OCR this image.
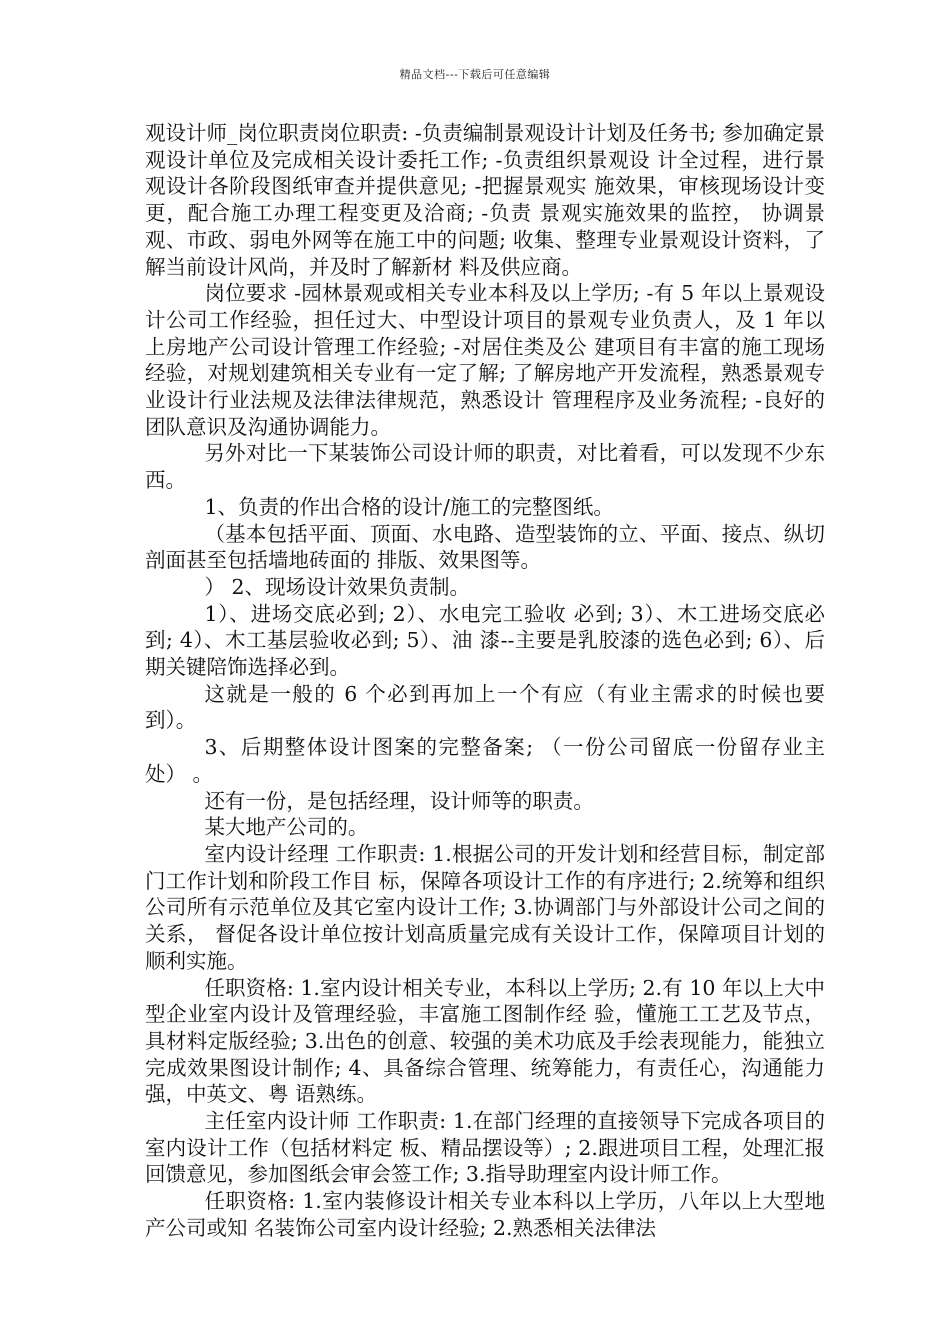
精品文档---下载后可任意编辑

观设计师_岗位职责岗位职责: -负责编制景观设计计划及任务书; 参加确定景观设计单位及完成相关设计委托工作; -负责组织景观设 计全过程，进行景观设计各阶段图纸审查并提供意见; -把握景观实 施效果，审核现场设计变更，配合施工办理工程变更及洽商; -负责 景观实施效果的监控， 协调景观、市政、弱电外网等在施工中的问题; 收集、整理专业景观设计资料，了解当前设计风尚，并及时了解新材 料及供应商。

岗位要求 -园林景观或相关专业本科及以上学历; -有 5 年以上景观设计公司工作经验，担任过大、中型设计项目的景观专业负责人，及 1 年以上房地产公司设计管理工作经验; -对居住类及公 建项目有丰富的施工现场经验，对规划建筑相关专业有一定了解; 了解房地产开发流程，熟悉景观专业设计行业法规及法律法律规范，熟悉设计 管理程序及业务流程; -良好的团队意识及沟通协调能力。

另外对比一下某装饰公司设计师的职责，对比着看，可以发现不少东 西。

1、负责的作出合格的设计/施工的完整图纸。

（基本包括平面、顶面、水电路、造型装饰的立、平面、接点、纵切剖面甚至包括墙地砖面的 排版、效果图等。

） 2、现场设计效果负责制。

1）、进场交底必到; 2）、水电完工验收 必到; 3）、木工进场交底必到; 4）、木工基层验收必到; 5）、油 漆--主要是乳胶漆的选色必到; 6）、后期关键陪饰选择必到。

这就是一般的 6 个必到再加上一个有应（有业主需求的时候也要到）。

3、后期整体设计图案的完整备案; （一份公司留底一份留存业主处） 。

还有一份，是包括经理，设计师等的职责。

某大地产公司的。

室内设计经理 工作职责: 1.根据公司的开发计划和经营目标，制定部门工作计划和阶段工作目 标，保障各项设计工作的有序进行; 2.统筹和组织公司所有示范单位及其它室内设计工作; 3.协调部门与外部设计公司之间的关系， 督促各设计单位按计划高质量完成有关设计工作，保障项目计划的顺利实施。

任职资格: 1.室内设计相关专业，本科以上学历; 2.有 10 年以上大中型企业室内设计及管理经验，丰富施工图制作经 验，懂施工工艺及节点，具材料定版经验; 3.出色的创意、较强的美术功底及手绘表现能力，能独立完成效果图设计制作; 4、具备综合管理、统筹能力，有责任心，沟通能力强，中英文、粤 语熟练。

主任室内设计师 工作职责: 1.在部门经理的直接领导下完成各项目的室内设计工作（包括材料定 板、精品摆设等）; 2.跟进项目工程，处理汇报回馈意见，参加图纸会审会签工作; 3.指导助理室内设计师工作。

任职资格: 1.室内装修设计相关专业本科以上学历，八年以上大型地产公司或知 名装饰公司室内设计经验; 2.熟悉相关法律法
